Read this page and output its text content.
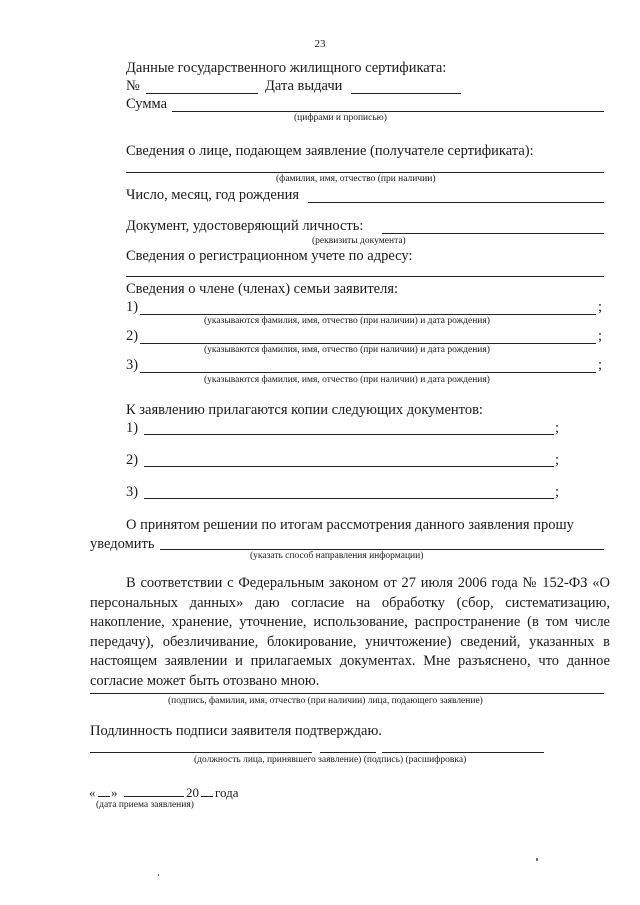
23
Данные государственного жилищного сертификата:
№	Дата выдачи
Сумма
(цифрами и прописью)
Сведения о лице, подающем заявление (получателе сертификата):
(фамилия, имя, отчество (при наличии)
Число, месяц, год рождения
Документ, удостоверяющий личность:
(реквизиты документа)
Сведения о регистрационном учете по адресу:
Сведения о члене (членах) семьи заявителя:
1)	;
(указываются фамилия, имя, отчество (при наличии) и дата рождения)
2)	;
(указываются фамилия, имя, отчество (при наличии) и дата рождения)
3)	;
(указываются фамилия, имя, отчество (при наличии) и дата рождения)
К заявлению прилагаются копии следующих документов:
1)	;
2)	;
3)	;
О принятом решении по итогам рассмотрения данного заявления прошу
уведомить
(указать способ направления информации)
В соответствии с Федеральным законом от 27 июля 2006 года № 152-ФЗ «О персональных данных» даю согласие на обработку (сбор, систематизацию, накопление, хранение, уточнение, использование, распространение (в том числе передачу), обезличивание, блокирование, уничтожение) сведений, указанных в настоящем заявлении и прилагаемых документах. Мне разъяснено, что данное согласие может быть отозвано мною.
(подпись, фамилия, имя, отчество (при наличии) лица, подающего заявление)
Подлинность подписи заявителя подтверждаю.
(должность лица, принявшего заявление) (подпись) (расшифровка)
« »	20 года
(дата приема заявления)
